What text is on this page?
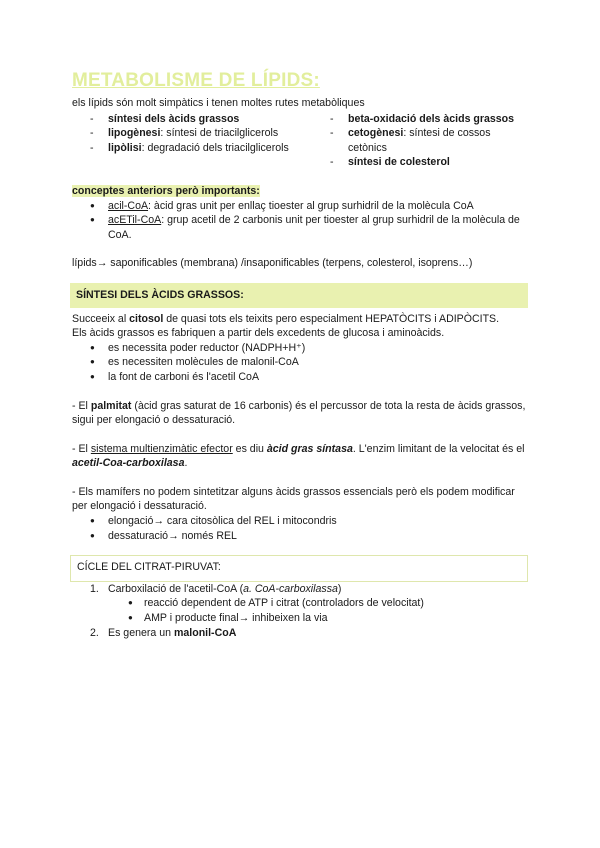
METABOLISME DE LÍPIDS:

els lípids són molt simpàtics i tenen moltes rutes metabòliques

- síntesi dels àcids grassos
- lipogènesi: síntesi de triacilglicerols
- lipòlisi: degradació dels triacilglicerols
- beta-oxidació dels àcids grassos
- cetogènesi: síntesi de cossos cetònics
- síntesi de colesterol

conceptes anteriors però importants:

● acil-CoA: àcid gras unit per enllaç tioester al grup surhidril de la molècula CoA
● acETil-CoA: grup acetil de 2 carbonis unit per tioester al grup surhidril de la molècula de CoA.

lípids→ saponificables (membrana) /insaponificables (terpens, colesterol, isoprens…)

SÍNTESI DELS ÀCIDS GRASSOS:

Succeeix al citosol de quasi tots els teixits pero especialment HEPATÒCITS i ADIPÒCITS.

Els àcids grassos es fabriquen a partir dels excedents de glucosa i aminoàcids.

● es necessita poder reductor (NADPH+H⁺)
● es necessiten molècules de malonil-CoA
● la font de carboni és l'acetil CoA

- El palmitat (àcid gras saturat de 16 carbonis) és el percussor de tota la resta de àcids grassos, sigui per elongació o dessaturació.

- El sistema multienzimàtic efector es diu àcid gras síntasa. L'enzim limitant de la velocitat és el acetil-Coa-carboxilasa.

- Els mamífers no podem sintetitzar alguns àcids grassos essencials però els podem modificar per elongació i dessaturació.

● elongació→ cara citosòlica del REL i mitocondris
● dessaturació→ només REL
CÍCLE DEL CITRAT-PIRUVAT:
1. Carboxilació de l'acetil-CoA (a. CoA-carboxilassa)
● reacció dependent de ATP i citrat (controladors de velocitat)
● AMP i producte final→ inhibeixen la via
2. Es genera un malonil-CoA
